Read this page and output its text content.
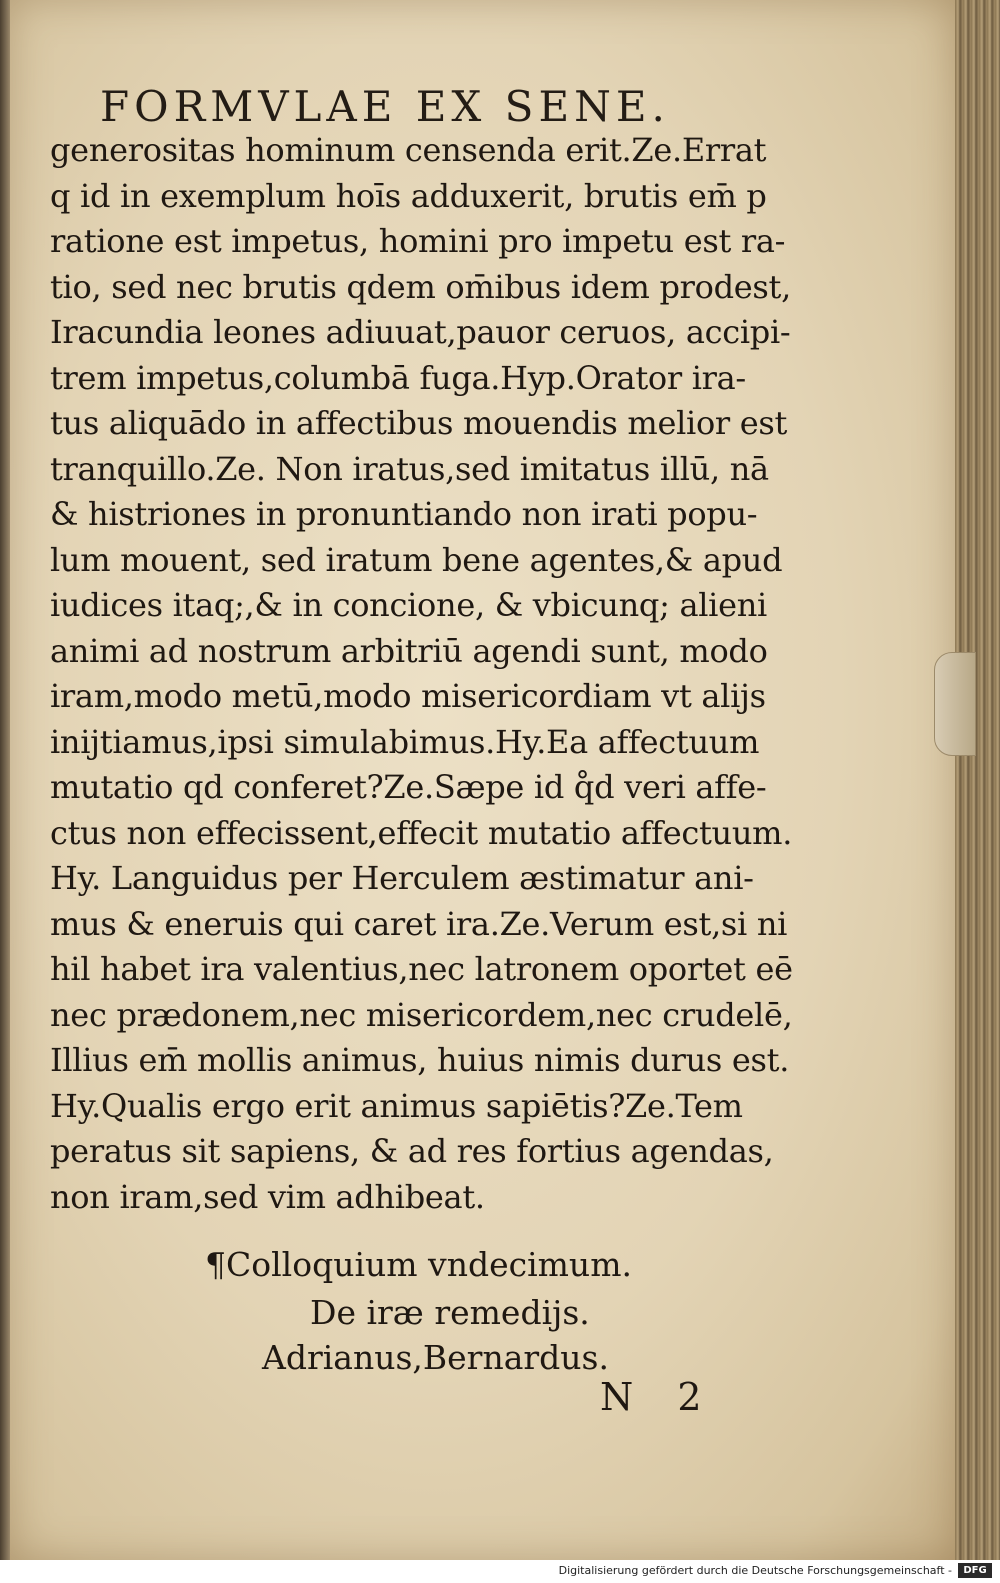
FORMVLAE EX SENE.
generositas hominum censenda erit.Ze.Errat
q id in exemplum hoīs adduxerit, brutis em̄ p
ratione est impetus, homini pro impetu est ra-
tio, sed nec brutis qdem om̄ibus idem prodest,
Iracundia leones adiuuat,pauor ceruos, accipi-
trem impetus,columbā fuga.Hyp.Orator ira-
tus aliquādo in affectibus mouendis melior est
tranquillo.Ze. Non iratus,sed imitatus illū, nā
& histriones in pronuntiando non irati popu-
lum mouent, sed iratum bene agentes,& apud
iudices itaq;,& in concione, & vbicunq; alieni
animi ad nostrum arbitriū agendi sunt, modo
iram,modo metū,modo misericordiam vt alijs
inijtiamus,ipsi simulabimus.Hy.Ea affectuum
mutatio qd conferet?Ze.Sæpe id q̊d veri affe-
ctus non effecissent,effecit mutatio affectuum.
Hy. Languidus per Herculem æstimatur ani-
mus & eneruis qui caret ira.Ze.Verum est,si ni
hil habet ira valentius,nec latronem oportet eē
nec prædonem,nec misericordem,nec crudelē,
Illius em̄ mollis animus, huius nimis durus est.
Hy.Qualis ergo erit animus sapiētis?Ze.Tem
peratus sit sapiens, & ad res fortius agendas,
non iram,sed vim adhibeat.
¶Colloquium vndecimum.
De iræ remedijs.
Adrianus,Bernardus.
N 2
Digitalisierung gefördert durch die Deutsche Forschungsgemeinschaft -	DFG
